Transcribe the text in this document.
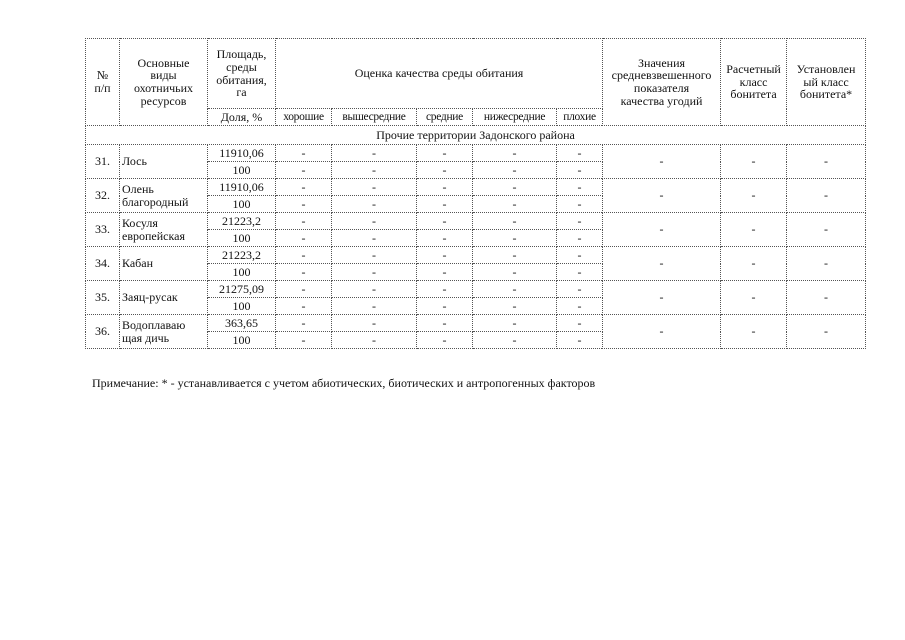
№
п/п	Основные
виды
охотничьих
ресурсов	Площадь,
среды
обитания,
га	Оценка качества среды обитания					Значения
средневзвешенного
показателя
качества угодий	Расчетный
класс
бонитета	Установлен
ый класс
бонитета*
		Доля, %	хорошие	вышесредние	средние	нижесредние	плохие			
Прочие территории Задонского района										
31.	Лось	11910,06	-	-	-	-	-	-	-	-
		100	-	-	-	-	-			
32.	Олень
благородный	11910,06	-	-	-	-	-	-	-	-
		100	-	-	-	-	-			
33.	Косуля
европейская	21223,2	-	-	-	-	-	-	-	-
		100	-	-	-	-	-			
34.	Кабан	21223,2	-	-	-	-	-	-	-	-
		100	-	-	-	-	-			
35.	Заяц-русак	21275,09	-	-	-	-	-	-	-	-
		100	-	-	-	-	-			
36.	Водоплаваю
щая дичь	363,65	-	-	-	-	-	-	-	-
		100	-	-	-	-	-			
Примечание: * - устанавливается с учетом абиотических, биотических и антропогенных факторов
